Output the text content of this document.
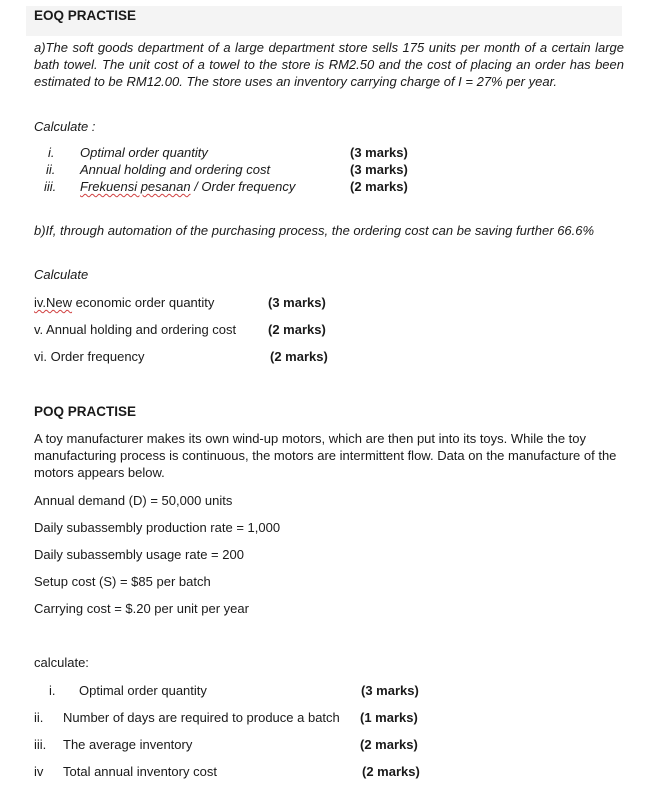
EOQ PRACTISE
a)The soft goods department of a large department store sells 175 units per month of a certain large bath towel. The unit cost of a towel to the store is RM2.50 and the cost of placing an order has been estimated to be RM12.00. The store uses an inventory carrying charge of I = 27% per year.
Calculate :
i. Optimal order quantity	(3 marks)
ii. Annual holding and ordering cost	(3 marks)
iii. Frekuensi pesanan / Order frequency	(2 marks)
b)If, through automation of the purchasing process, the ordering cost can be saving further 66.6%
Calculate
iv.New economic order quantity	(3 marks)
v. Annual holding and ordering cost (2 marks)
vi. Order frequency	(2 marks)
POQ PRACTISE
A toy manufacturer makes its own wind-up motors, which are then put into its toys. While the toy manufacturing process is continuous, the motors are intermittent flow. Data on the manufacture of the motors appears below.
Annual demand (D) = 50,000 units
Daily subassembly production rate = 1,000
Daily subassembly usage rate = 200
Setup cost (S) = $85 per batch
Carrying cost = $.20 per unit per year
calculate:
i. Optimal order quantity	(3 marks)
ii. Number of days are required to produce a batch (1 marks)
iii. The average inventory	(2 marks)
iv Total annual inventory cost	(2 marks)
